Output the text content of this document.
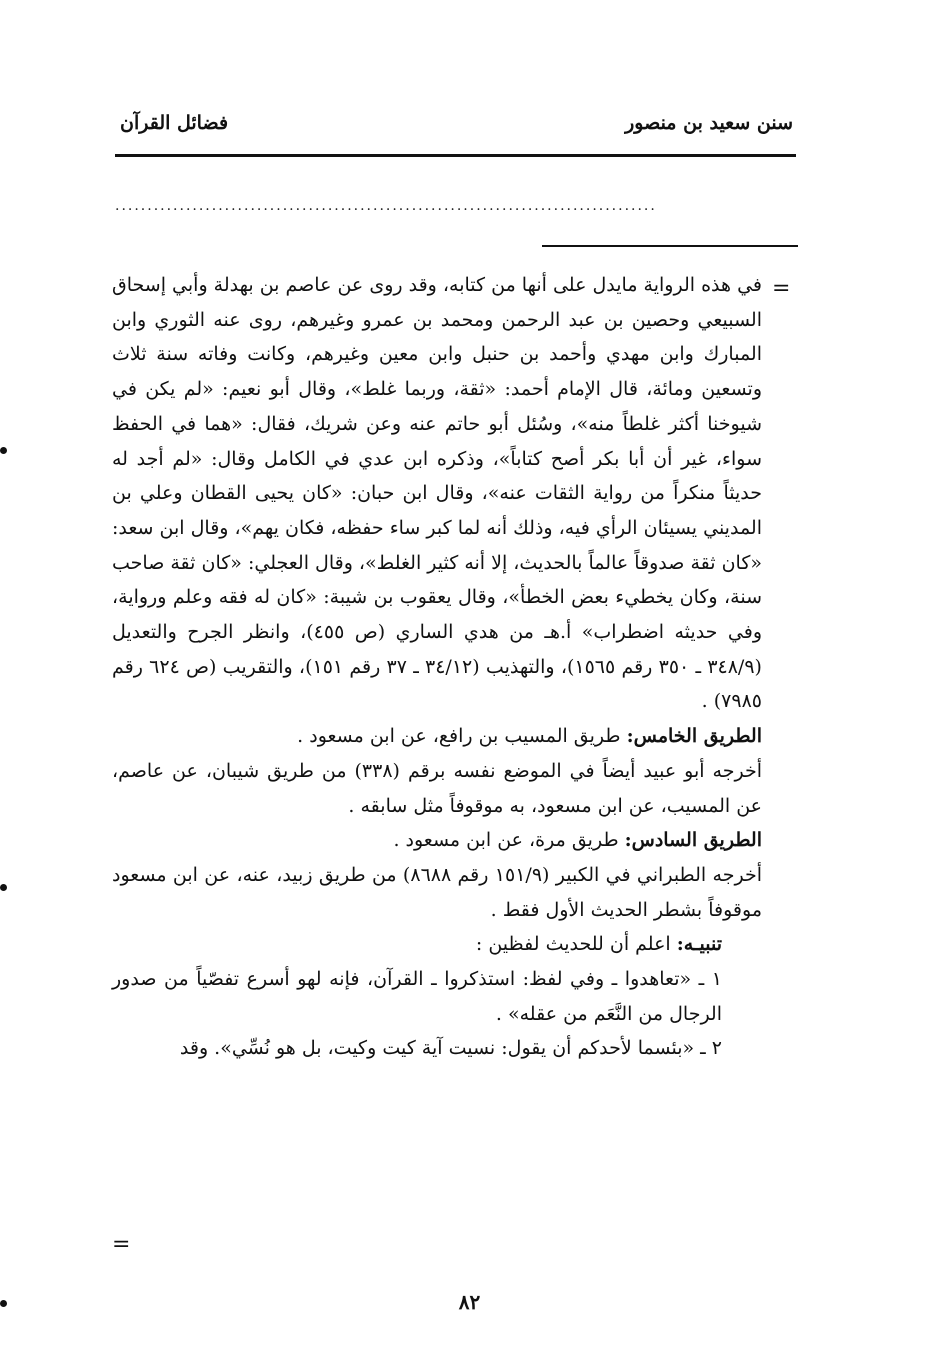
سنن سعيد بن منصور
فضائل القرآن
....................................................................................
=

في هذه الرواية مايدل على أنها من كتابه، وقد روى عن عاصم بن بهدلة وأبي إسحاق السبيعي وحصين بن عبد الرحمن ومحمد بن عمرو وغيرهم، روى عنه الثوري وابن المبارك وابن مهدي وأحمد بن حنبل وابن معين وغيرهم، وكانت وفاته سنة ثلاث وتسعين ومائة، قال الإمام أحمد: «ثقة، وربما غلط»، وقال أبو نعيم: «لم يكن في شيوخنا أكثر غلطاً منه»، وسُئل أبو حاتم عنه وعن شريك، فقال: «هما في الحفظ سواء، غير أن أبا بكر أصح كتاباً»، وذكره ابن عدي في الكامل وقال: «لم أجد له حديثاً منكراً من رواية الثقات عنه»، وقال ابن حبان: «كان يحيى القطان وعلي بن المديني يسيئان الرأي فيه، وذلك أنه لما كبر ساء حفظه، فكان يهم»، وقال ابن سعد: «كان ثقة صدوقاً عالماً بالحديث، إلا أنه كثير الغلط»، وقال العجلي: «كان ثقة صاحب سنة، وكان يخطيء بعض الخطأ»، وقال يعقوب بن شيبة: «كان له فقه وعلم ورواية، وفي حديثه اضطراب» أ.هـ من هدي الساري (ص ٤٥٥)، وانظر الجرح والتعديل (٣٤٨/٩ ـ ٣٥٠ رقم ١٥٦٥)، والتهذيب (٣٤/١٢ ـ ٣٧ رقم ١٥١)، والتقريب (ص ٦٢٤ رقم ٧٩٨٥) .

الطريق الخامس: طريق المسيب بن رافع، عن ابن مسعود .

أخرجه أبو عبيد أيضاً في الموضع نفسه برقم (٣٣٨) من طريق شيبان، عن عاصم، عن المسيب، عن ابن مسعود، به موقوفاً مثل سابقه .

الطريق السادس: طريق مرة، عن ابن مسعود .

أخرجه الطبراني في الكبير (١٥١/٩ رقم ٨٦٨٨) من طريق زبيد، عنه، عن ابن مسعود موقوفاً بشطر الحديث الأول فقط .

تنبيـه: اعلم أن للحديث لفظين :

١ ـ «تعاهدوا ـ وفي لفظ: استذكروا ـ القرآن، فإنه لهو أسرع تفصّياً من صدور الرجال من النَّعَم من عقله» .

٢ ـ «بئسما لأحدكم أن يقول: نسيت آية كيت وكيت، بل هو نُسِّي». وقد

=
٨٢
